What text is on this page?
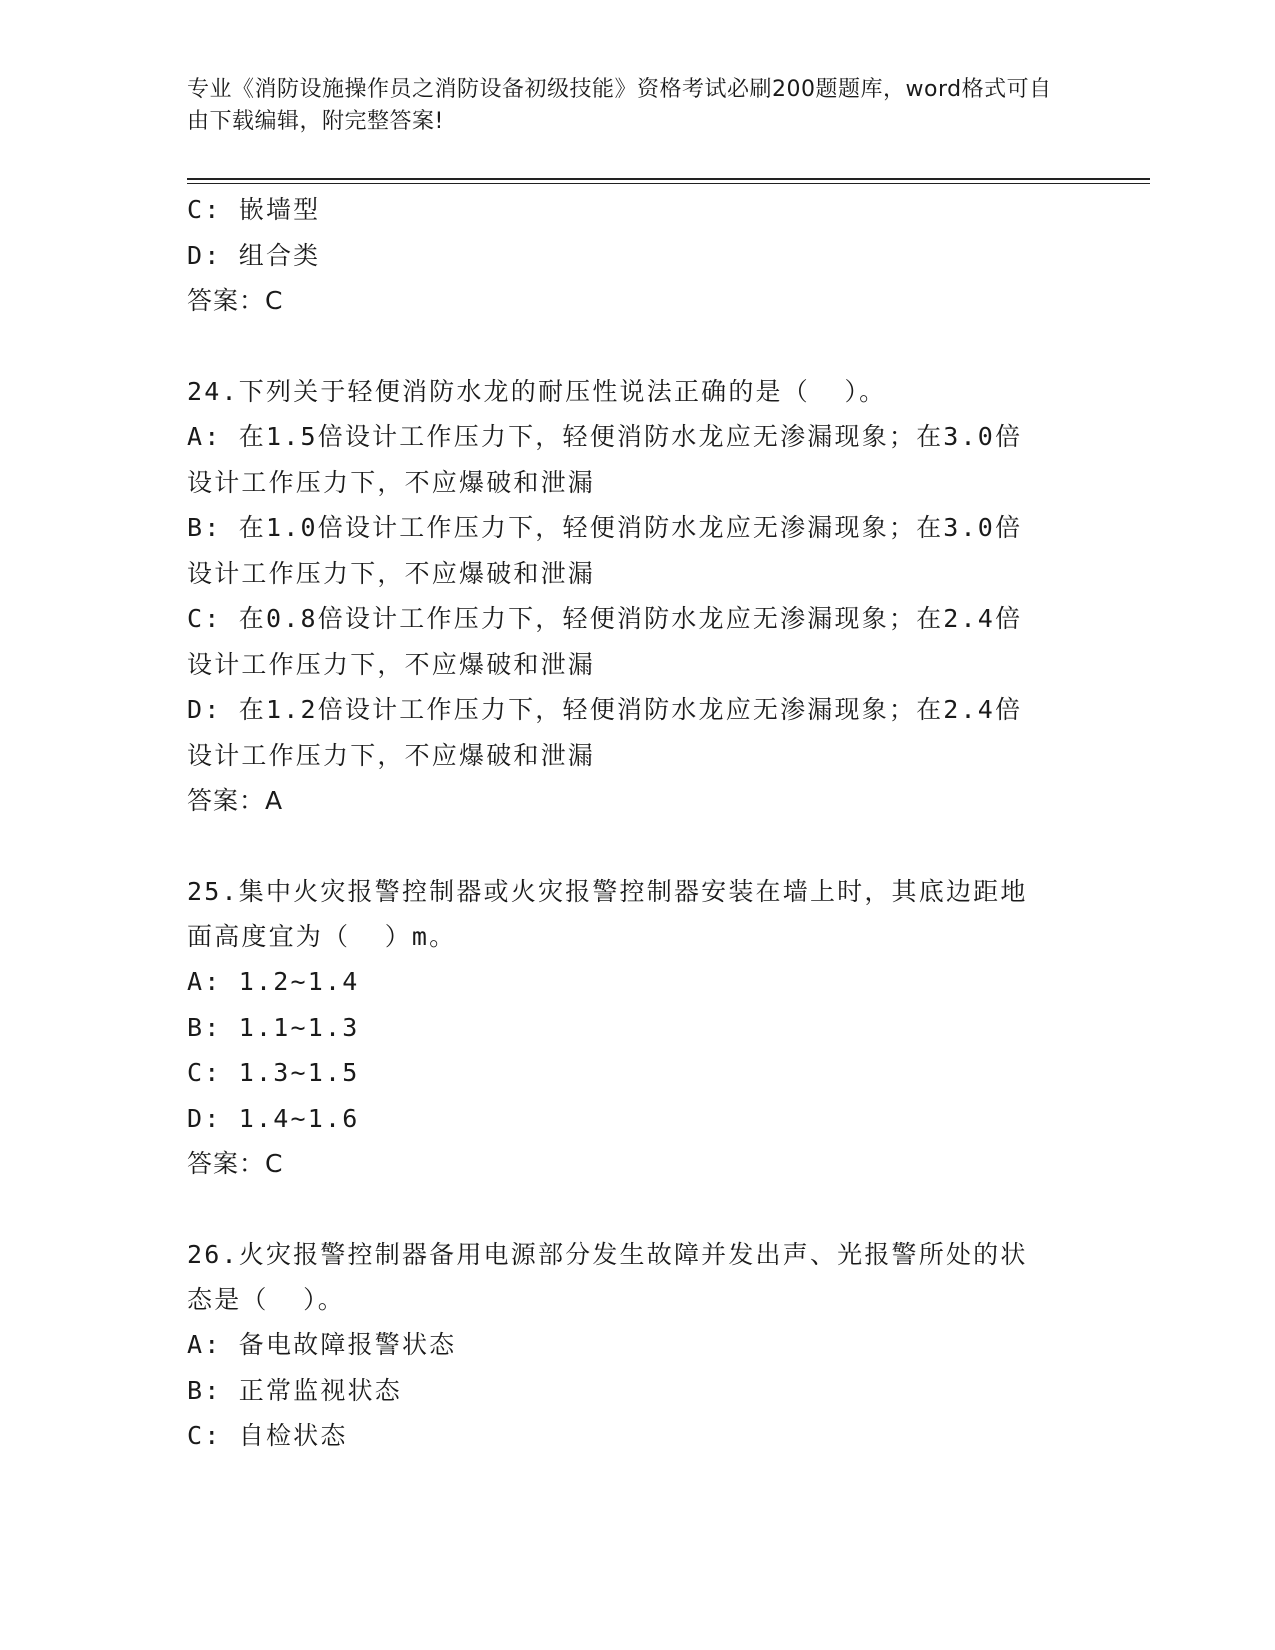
专业《消防设施操作员之消防设备初级技能》资格考试必刷200题题库，word格式可自由下载编辑，附完整答案!
C: 嵌墙型
D: 组合类
答案：C
24.下列关于轻便消防水龙的耐压性说法正确的是（  ）。
A: 在1.5倍设计工作压力下，轻便消防水龙应无渗漏现象；在3.0倍
设计工作压力下，不应爆破和泄漏
B: 在1.0倍设计工作压力下，轻便消防水龙应无渗漏现象；在3.0倍
设计工作压力下，不应爆破和泄漏
C: 在0.8倍设计工作压力下，轻便消防水龙应无渗漏现象；在2.4倍
设计工作压力下，不应爆破和泄漏
D: 在1.2倍设计工作压力下，轻便消防水龙应无渗漏现象；在2.4倍
设计工作压力下，不应爆破和泄漏
答案：A
25.集中火灾报警控制器或火灾报警控制器安装在墙上时，其底边距地
面高度宜为（  ）m。
A: 1.2~1.4
B: 1.1~1.3
C: 1.3~1.5
D: 1.4~1.6
答案：C
26.火灾报警控制器备用电源部分发生故障并发出声、光报警所处的状
态是（  ）。
A: 备电故障报警状态
B: 正常监视状态
C: 自检状态
